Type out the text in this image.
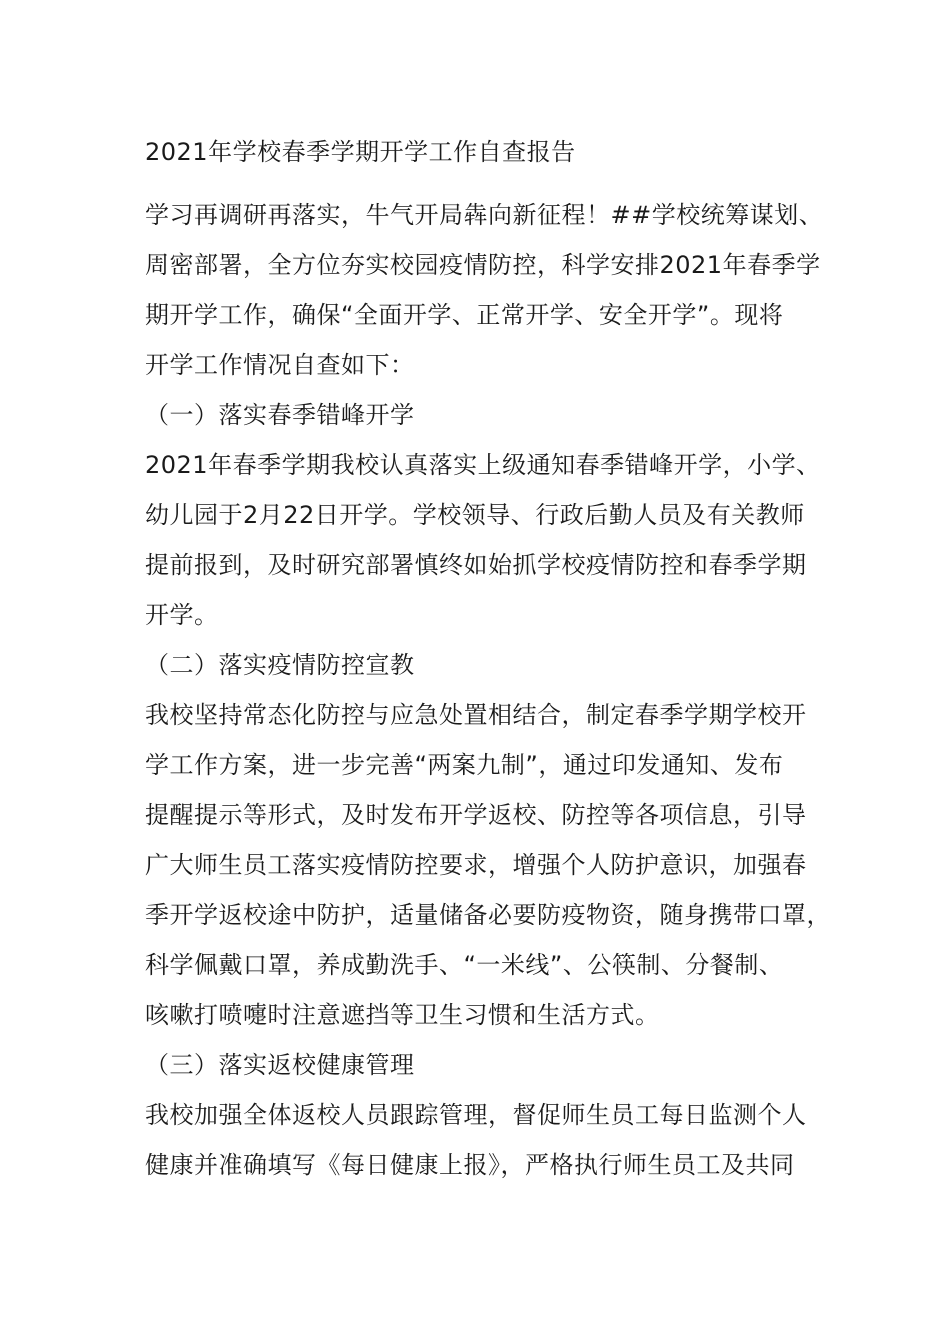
2021年学校春季学期开学工作自查报告
学习再调研再落实，牛气开局犇向新征程！##学校统筹谋划、
周密部署，全方位夯实校园疫情防控，科学安排2021年春季学
期开学工作，确保“全面开学、正常开学、安全开学”。现将
开学工作情况自查如下：
（一）落实春季错峰开学
2021年春季学期我校认真落实上级通知春季错峰开学，小学、
幼儿园于2月22日开学。学校领导、行政后勤人员及有关教师
提前报到，及时研究部署慎终如始抓学校疫情防控和春季学期
开学。
（二）落实疫情防控宣教
我校坚持常态化防控与应急处置相结合，制定春季学期学校开
学工作方案，进一步完善“两案九制”，通过印发通知、发布
提醒提示等形式，及时发布开学返校、防控等各项信息，引导
广大师生员工落实疫情防控要求，增强个人防护意识，加强春
季开学返校途中防护，适量储备必要防疫物资，随身携带口罩，
科学佩戴口罩，养成勤洗手、“一米线”、公筷制、分餐制、
咳嗽打喷嚏时注意遮挡等卫生习惯和生活方式。
（三）落实返校健康管理
我校加强全体返校人员跟踪管理，督促师生员工每日监测个人
健康并准确填写《每日健康上报》，严格执行师生员工及共同
